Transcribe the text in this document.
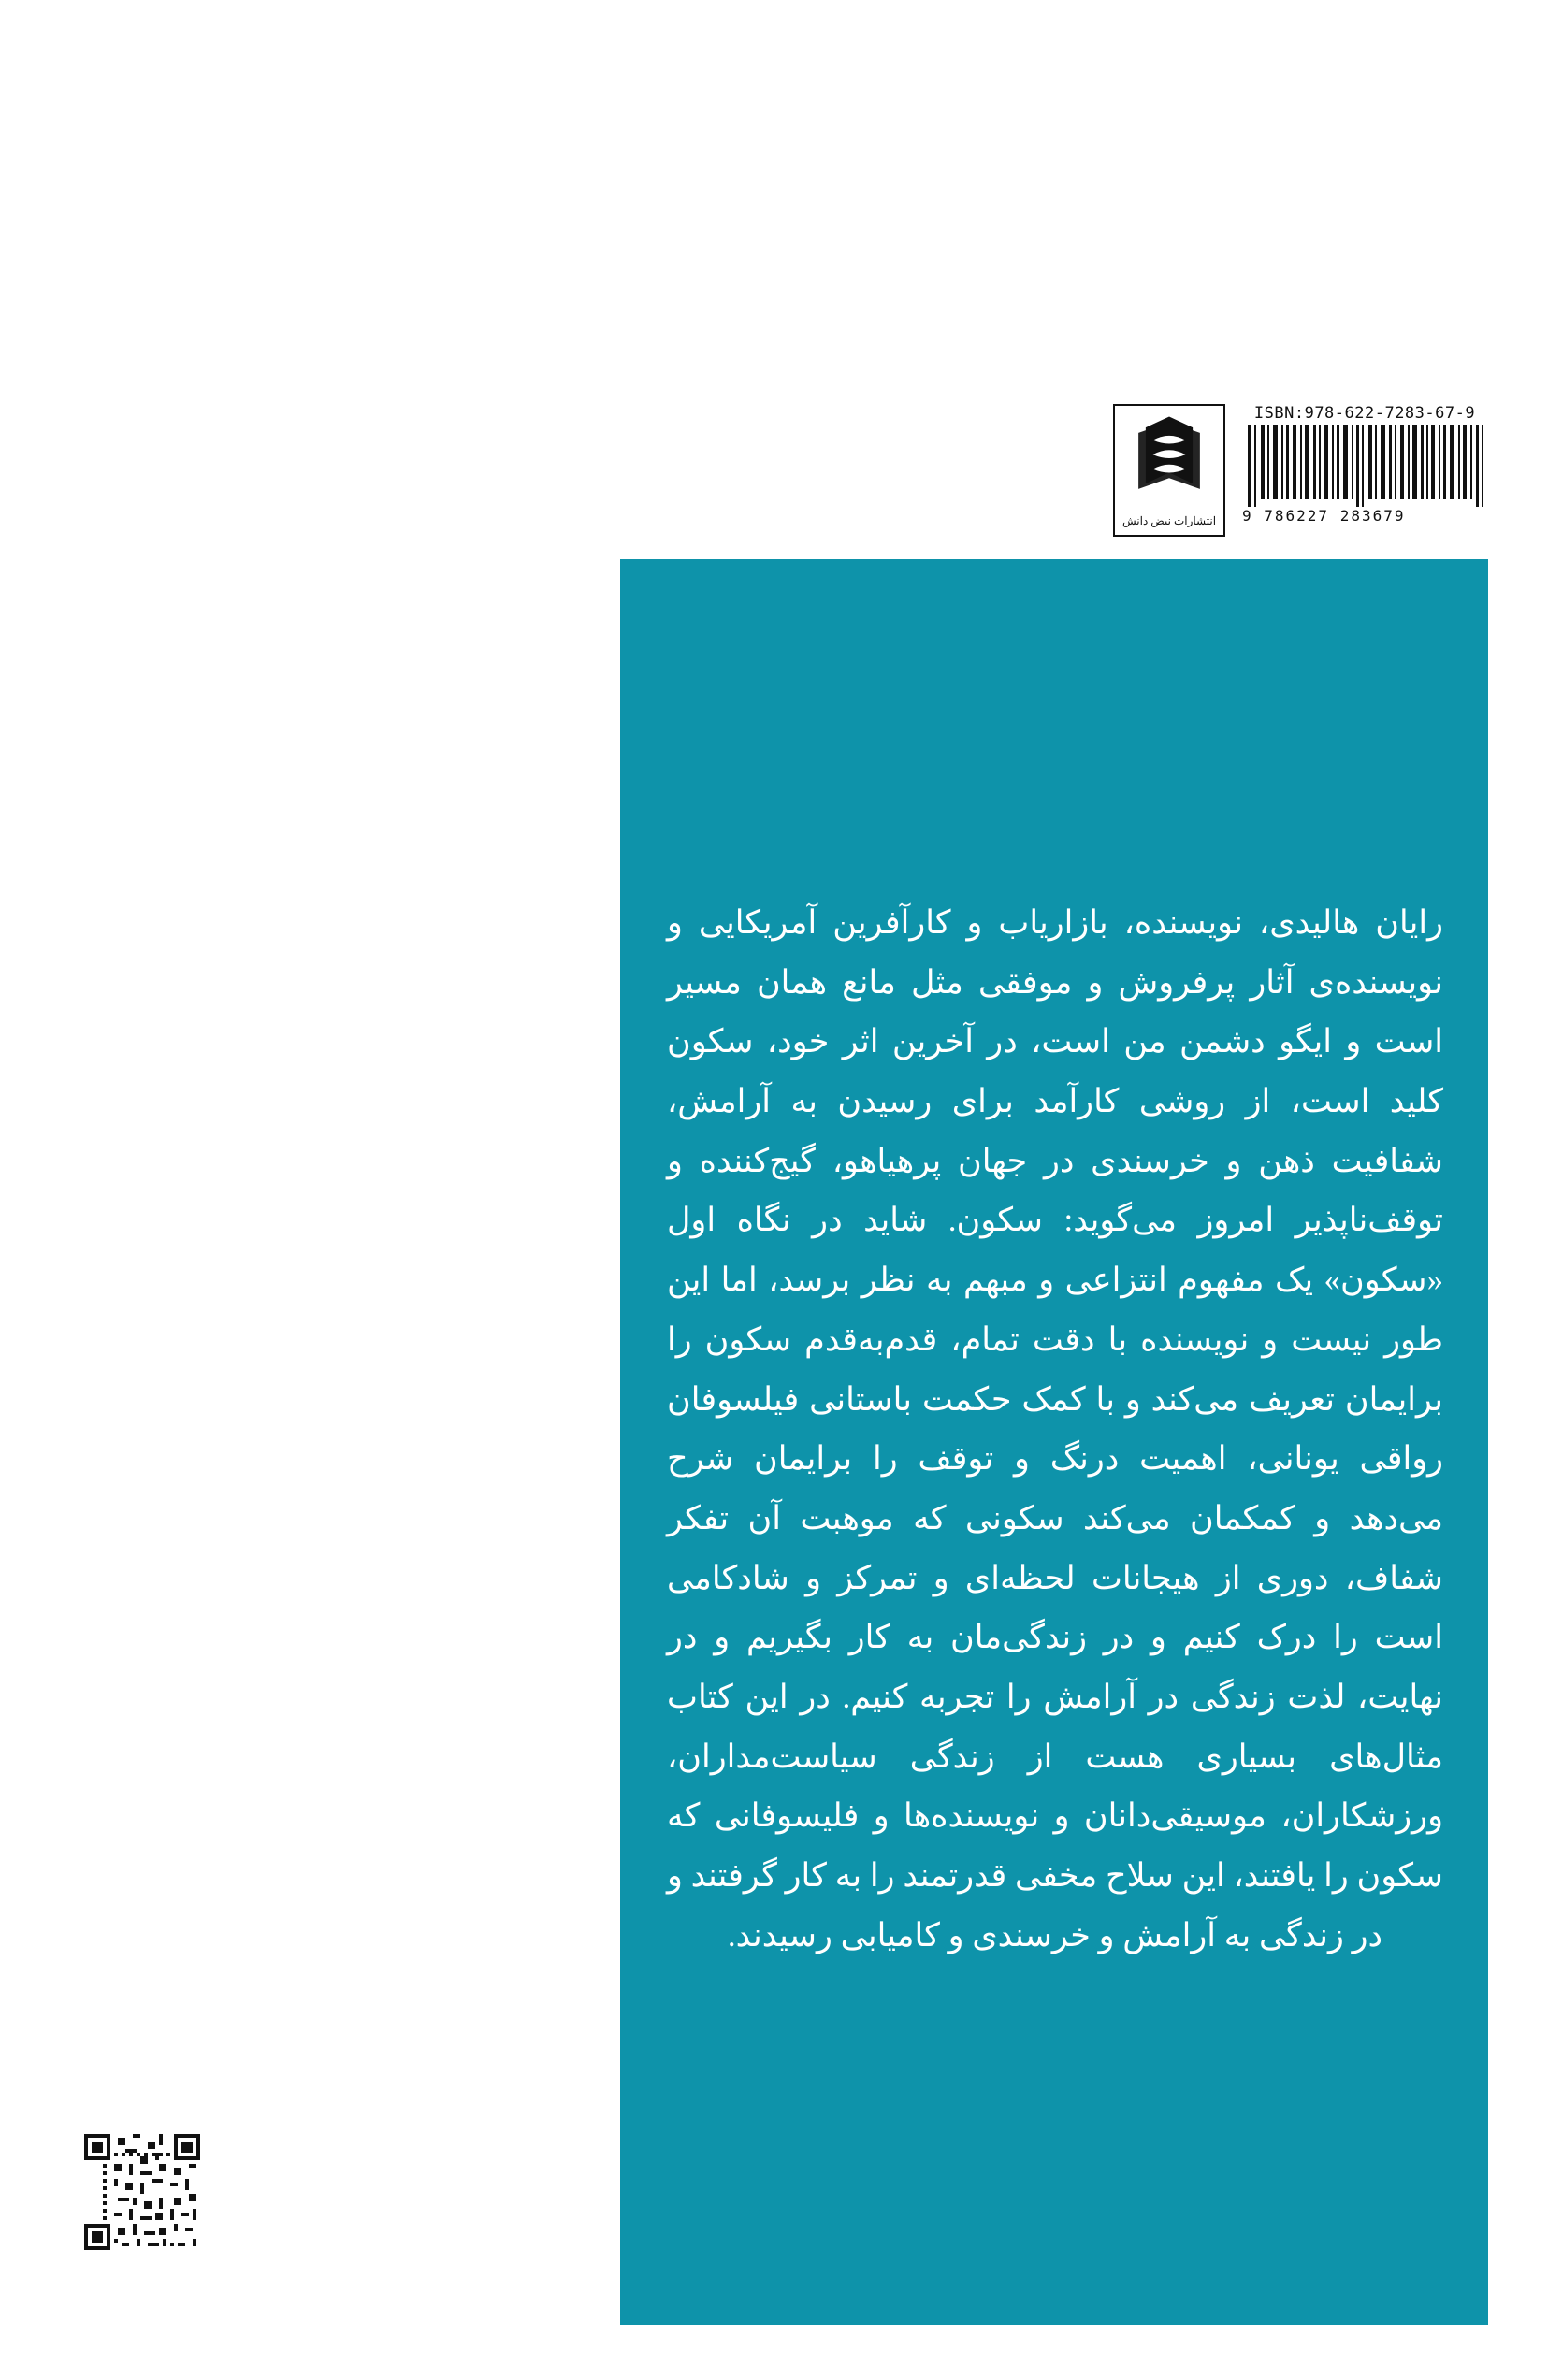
رایان هالیدی، نویسنده، بازاریاب و کارآفرین آمریکایی و نویسنده‌ی آثار پرفروش و موفقی مثل مانع همان مسیر است و ایگو دشمن من است، در آخرین اثر خود، سکون کلید است، از روشی کارآمد برای رسیدن به آرامش، شفافیت ذهن و خرسندی در جهان پرهیاهو، گیج‌کننده و توقف‌ناپذیر امروز می‌گوید: سکون. شاید در نگاه اول «سکون» یک مفهوم انتزاعی و مبهم به نظر برسد، اما این طور نیست و نویسنده با دقت تمام، قدم‌به‌قدم سکون را برایمان تعریف می‌کند و با کمک حکمت باستانی فیلسوفان رواقی یونانی، اهمیت درنگ و توقف را برایمان شرح می‌دهد و کمکمان می‌کند سکونی که موهبت آن تفکر شفاف، دوری از هیجانات لحظه‌ای و تمرکز و شادکامی است را درک کنیم و در زندگی‌مان به کار بگیریم و در نهایت، لذت زندگی در آرامش را تجربه کنیم. در این کتاب مثال‌های بسیاری هست از زندگی سیاست‌مداران، ورزشکاران، موسیقی‌دانان و نویسنده‌ها و فلیسوفانی که سکون را یافتند، این سلاح مخفی قدرتمند را به کار گرفتند و در زندگی به آرامش و خرسندی و کامیابی رسیدند.
ISBN:978-622-7283-67-9
9 786227 283679
انتشارات نبض دانش
